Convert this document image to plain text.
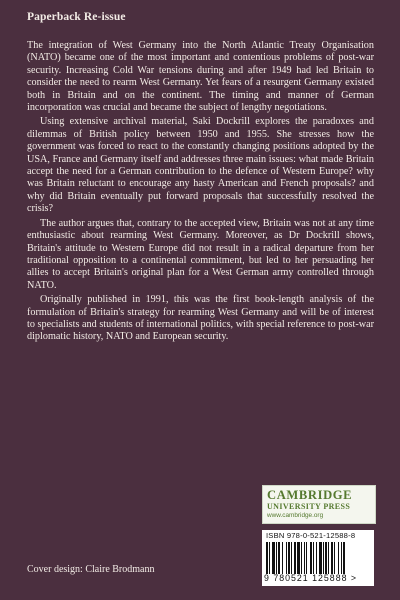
Paperback Re-issue

The integration of West Germany into the North Atlantic Treaty Organisation (NATO) became one of the most important and contentious problems of post-war security. Increasing Cold War tensions during and after 1949 had led Britain to consider the need to rearm West Germany. Yet fears of a resurgent Germany existed both in Britain and on the continent. The timing and manner of German incorporation was crucial and became the subject of lengthy negotiations.

Using extensive archival material, Saki Dockrill explores the paradoxes and dilemmas of British policy between 1950 and 1955. She stresses how the government was forced to react to the constantly changing positions adopted by the USA, France and Germany itself and addresses three main issues: what made Britain accept the need for a German contribution to the defence of Western Europe? why was Britain reluctant to encourage any hasty American and French proposals? and why did Britain eventually put forward proposals that successfully resolved the crisis?

The author argues that, contrary to the accepted view, Britain was not at any time enthusiastic about rearming West Germany. Moreover, as Dr Dockrill shows, Britain's attitude to Western Europe did not result in a radical departure from her traditional opposition to a continental commitment, but led to her persuading her allies to accept Britain's original plan for a West German army controlled through NATO.

Originally published in 1991, this was the first book-length analysis of the formulation of Britain's strategy for rearming West Germany and will be of interest to specialists and students of international politics, with special reference to post-war diplomatic history, NATO and European security.

CAMBRIDGE
UNIVERSITY PRESS
www.cambridge.org
ISBN 978-0-521-12588-8
9 780521 125888 >
Cover design: Claire Brodmann
